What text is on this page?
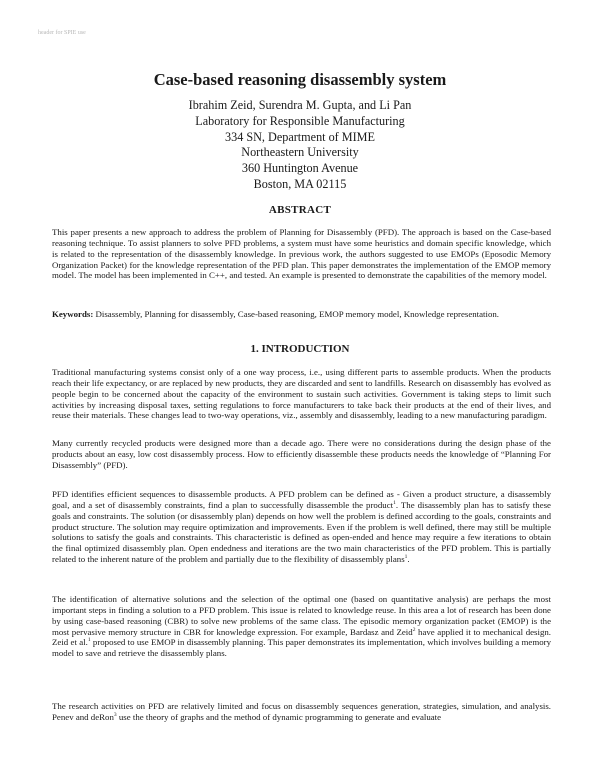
header for SPIE use
Case-based reasoning disassembly system
Ibrahim Zeid, Surendra M. Gupta, and Li Pan
Laboratory for Responsible Manufacturing
334 SN, Department of MIME
Northeastern University
360 Huntington Avenue
Boston, MA 02115
ABSTRACT

This paper presents a new approach to address the problem of Planning for Disassembly (PFD). The approach is based on the Case-based reasoning technique. To assist planners to solve PFD problems, a system must have some heuristics and domain specific knowledge, which is related to the representation of the disassembly knowledge. In previous work, the authors suggested to use EMOPs (Eposodic Memory Organization Packet) for the knowledge representation of the PFD plan. This paper demonstrates the implementation of the EMOP memory model. The model has been implemented in C++, and tested. An example is presented to demonstrate the capabilities of the memory model.

Keywords: Disassembly, Planning for disassembly, Case-based reasoning, EMOP memory model, Knowledge representation.

1. INTRODUCTION

Traditional manufacturing systems consist only of a one way process, i.e., using different parts to assemble products. When the products reach their life expectancy, or are replaced by new products, they are discarded and sent to landfills. Research on disassembly has evolved as people begin to be concerned about the capacity of the environment to sustain such activities. Government is taking steps to limit such activities by increasing disposal taxes, setting regulations to force manufacturers to take back their products at the end of their lives, and reuse their materials. These changes lead to two-way operations, viz., assembly and disassembly, leading to a new manufacturing paradigm.

Many currently recycled products were designed more than a decade ago. There were no considerations during the design phase of the products about an easy, low cost disassembly process. How to efficiently disassemble these products needs the knowledge of “Planning For Disassembly” (PFD).

PFD identifies efficient sequences to disassemble products. A PFD problem can be defined as - Given a product structure, a disassembly goal, and a set of disassembly constraints, find a plan to successfully disassemble the product$^1$. The disassembly plan has to satisfy these goals and constraints. The solution (or disassembly plan) depends on how well the problem is defined according to the goals, constraints and product structure. The solution may require optimization and improvements. Even if the problem is well defined, there may still be multiple solutions to satisfy the goals and constraints. This characteristic is defined as open-ended and hence may require a few iterations to obtain the final optimized disassembly plan. Open endedness and iterations are the two main characteristics of the PFD problem. This is partially related to the inherent nature of the problem and partially due to the flexibility of disassembly plans$^1$.

The identification of alternative solutions and the selection of the optimal one (based on quantitative analysis) are perhaps the most important steps in finding a solution to a PFD problem. This issue is related to knowledge reuse. In this area a lot of research has been done by using case-based reasoning (CBR) to solve new problems of the same class. The episodic memory organization packet (EMOP) is the most pervasive memory structure in CBR for knowledge expression. For example, Bardasz and Zeid$^2$ have applied it to mechanical design. Zeid et al.$^1$ proposed to use EMOP in disassembly planning. This paper demonstrates its implementation, which involves building a memory model to save and retrieve the disassembly plans.

The research activities on PFD are relatively limited and focus on disassembly sequences generation, strategies, simulation, and analysis. Penev and deRon$^3$ use the theory of graphs and the method of dynamic programming to generate and evaluate
